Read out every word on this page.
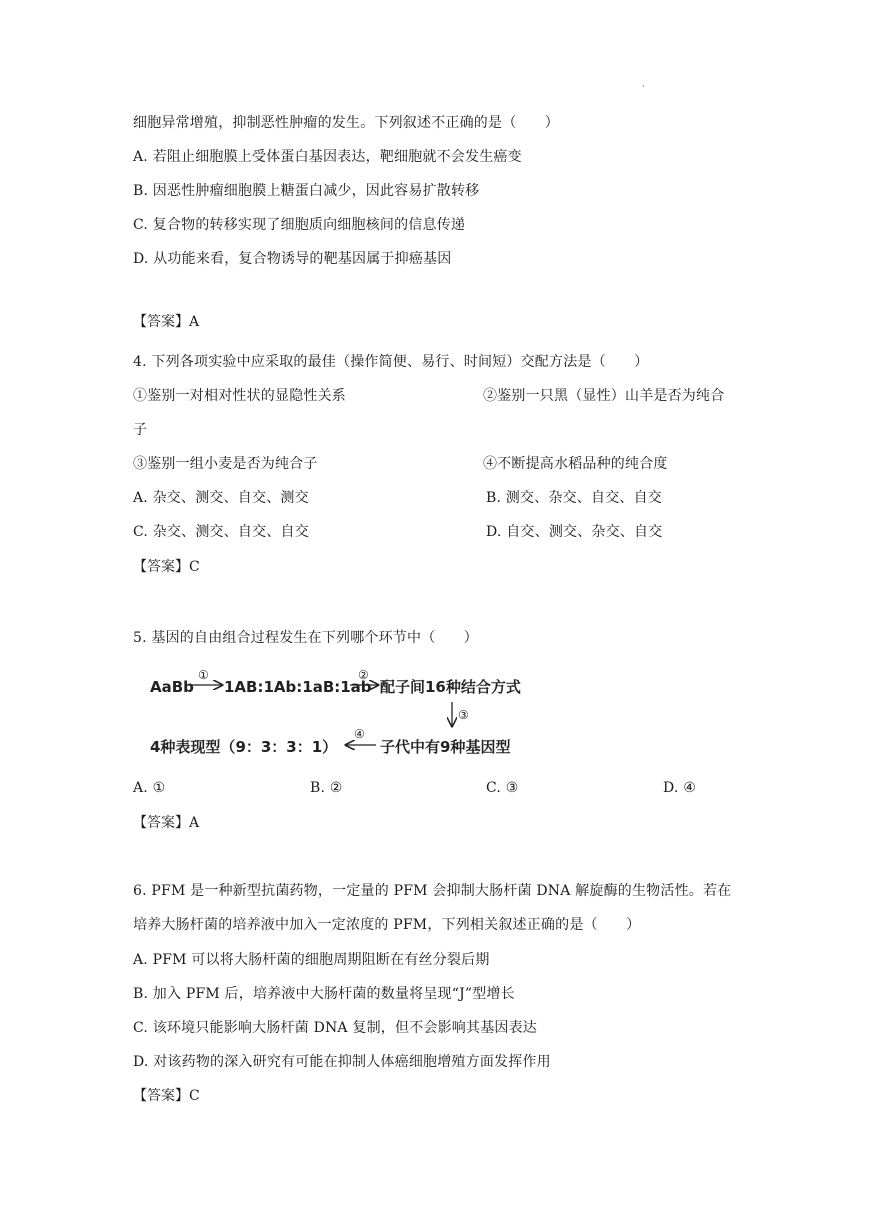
·
细胞异常增殖，抑制恶性肿瘤的发生。下列叙述不正确的是（　　）
A. 若阻止细胞膜上受体蛋白基因表达，靶细胞就不会发生癌变
B. 因恶性肿瘤细胞膜上糖蛋白减少，因此容易扩散转移
C. 复合物的转移实现了细胞质向细胞核间的信息传递
D. 从功能来看，复合物诱导的靶基因属于抑癌基因
【答案】A
4. 下列各项实验中应采取的最佳（操作简便、易行、时间短）交配方法是（　　）
①鉴别一对相对性状的显隐性关系	②鉴别一只黑（显性）山羊是否为纯合
子
③鉴别一组小麦是否为纯合子	④不断提高水稻品种的纯合度
A. 杂交、测交、自交、测交	B. 测交、杂交、自交、自交
C. 杂交、测交、自交、自交	D. 自交、测交、杂交、自交
【答案】C
5. 基因的自由组合过程发生在下列哪个环节中（　　）
AaBb
①
1AB:1Ab:1aB:1ab
②
配子间16种结合方式
③
4种表现型（9：3：3：1）
④
子代中有9种基因型
A. ①	B. ②	C. ③	D. ④
【答案】A
6. PFM 是一种新型抗菌药物，一定量的 PFM 会抑制大肠杆菌 DNA 解旋酶的生物活性。若在
培养大肠杆菌的培养液中加入一定浓度的 PFM，下列相关叙述正确的是（　　）
A. PFM 可以将大肠杆菌的细胞周期阻断在有丝分裂后期
B. 加入 PFM 后，培养液中大肠杆菌的数量将呈现“J”型增长
C. 该环境只能影响大肠杆菌 DNA 复制，但不会影响其基因表达
D. 对该药物的深入研究有可能在抑制人体癌细胞增殖方面发挥作用
【答案】C
